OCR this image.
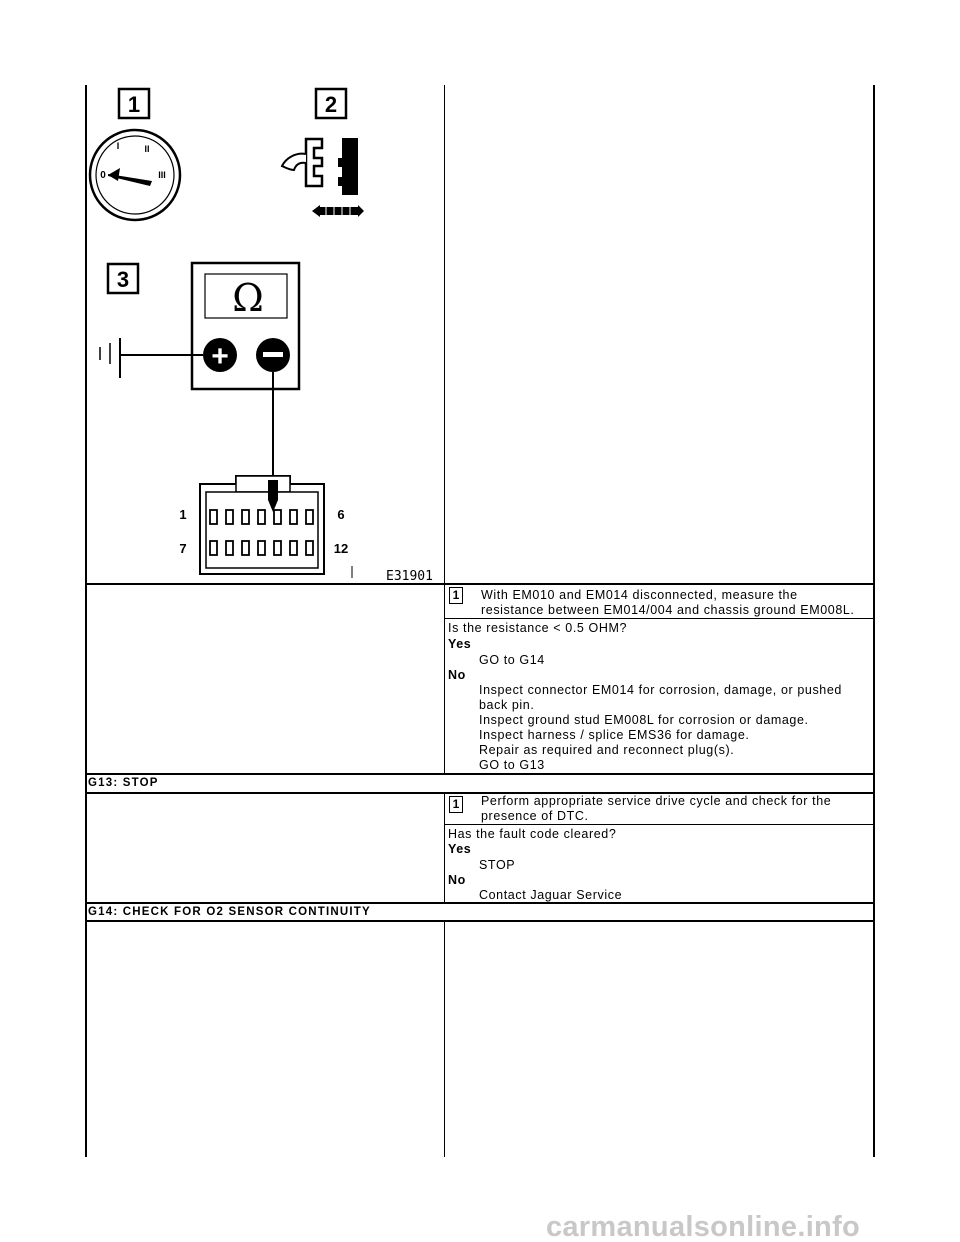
1	2
3
0
I	II
III
Ω
+
1	6
7	12
E31901
1 With EM010 and EM014 disconnected, measure the
resistance between EM014/004 and chassis ground EM008L.
Is the resistance < 0.5 OHM?
Yes
GO to G14
No
Inspect connector EM014 for corrosion, damage, or pushed
back pin.
Inspect ground stud EM008L for corrosion or damage.
Inspect harness / splice EMS36 for damage.
Repair as required and reconnect plug(s).
GO to G13
G13: STOP
1 Perform appropriate service drive cycle and check for the
presence of DTC.
Has the fault code cleared?
Yes
STOP
No
Contact Jaguar Service
G14: CHECK FOR O2 SENSOR CONTINUITY
carmanualsonline.info
